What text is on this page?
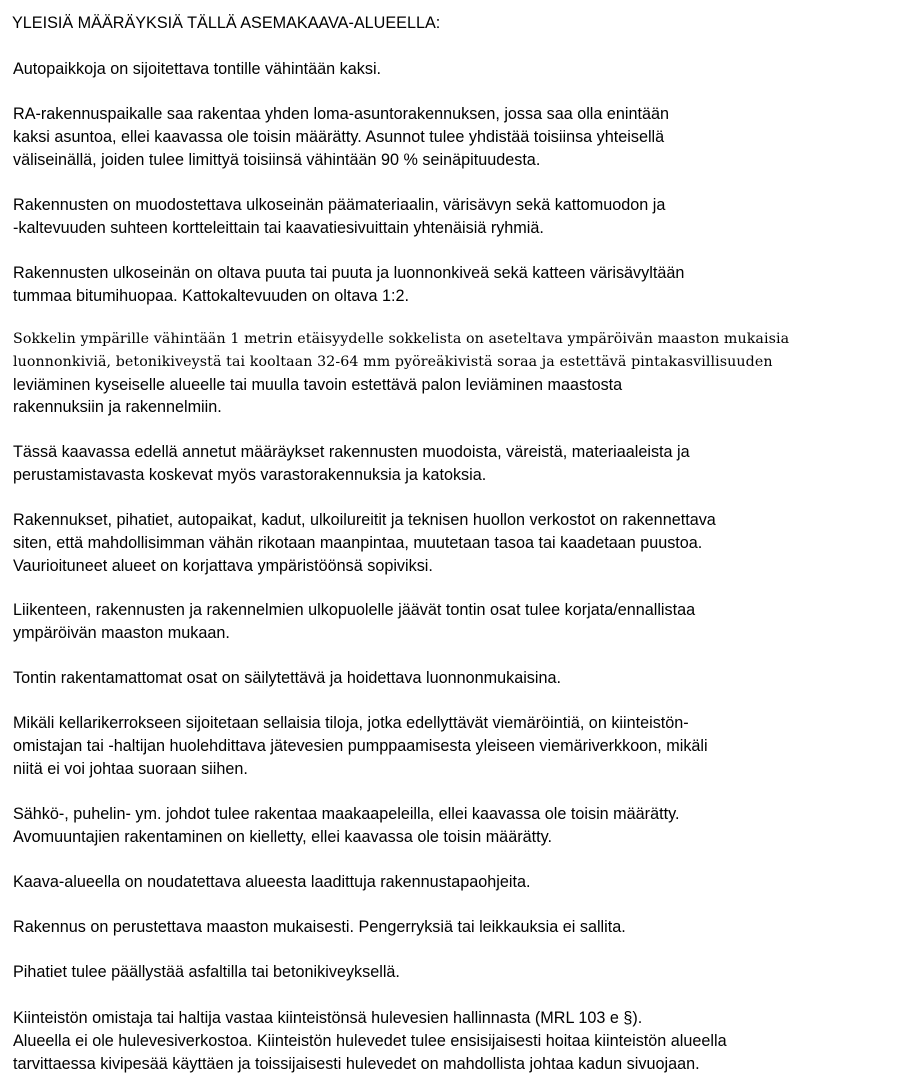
YLEISIÄ MÄÄRÄYKSIÄ TÄLLÄ ASEMAKAAVA-ALUEELLA:
Autopaikkoja on sijoitettava tontille vähintään kaksi.
RA-rakennuspaikalle saa rakentaa yhden loma-asuntorakennuksen, jossa saa olla enintään
kaksi asuntoa, ellei kaavassa ole toisin määrätty. Asunnot tulee yhdistää toisiinsa yhteisellä
väliseinällä, joiden tulee limittyä toisiinsä vähintään 90 % seinäpituudesta.
Rakennusten on muodostettava ulkoseinän päämateriaalin, värisävyn sekä kattomuodon ja
-kaltevuuden suhteen kortteleittain tai kaavatiesivuittain yhtenäisiä ryhmiä.
Rakennusten ulkoseinän on oltava puuta tai puuta ja luonnonkiveä sekä katteen värisävyltään
tummaa bitumihuopaa. Kattokaltevuuden on oltava 1:2.
Sokkelin ympärille vähintään 1 metrin etäisyydelle sokkelista on aseteltava ympäröivän maaston mukaisia
luonnonkiviä, betonikiveystä tai kooltaan 32-64 mm pyöreäkivistä soraa ja estettävä pintakasvillisuuden
leviäminen kyseiselle alueelle tai muulla tavoin estettävä palon leviäminen maastosta
rakennuksiin ja rakennelmiin.
Tässä kaavassa edellä annetut määräykset rakennusten muodoista, väreistä, materiaaleista ja
perustamistavasta koskevat myös varastorakennuksia ja katoksia.
Rakennukset, pihatiet, autopaikat, kadut, ulkoilureitit ja teknisen huollon verkostot on rakennettava
siten, että mahdollisimman vähän rikotaan maanpintaa, muutetaan tasoa tai kaadetaan puustoa.
Vaurioituneet alueet on korjattava ympäristöönsä sopiviksi.
Liikenteen, rakennusten ja rakennelmien ulkopuolelle jäävät tontin osat tulee korjata/ennallistaa
ympäröivän maaston mukaan.
Tontin rakentamattomat osat on säilytettävä ja hoidettava luonnonmukaisina.
Mikäli kellarikerrokseen sijoitetaan sellaisia tiloja, jotka edellyttävät viemäröintiä, on kiinteistön-
omistajan tai -haltijan huolehdittava jätevesien pumppaamisesta yleiseen viemäriverkkoon, mikäli
niitä ei voi johtaa suoraan siihen.
Sähkö-, puhelin- ym. johdot tulee rakentaa maakaapeleilla, ellei kaavassa ole toisin määrätty.
Avomuuntajien rakentaminen on kielletty, ellei kaavassa ole toisin määrätty.
Kaava-alueella on noudatettava alueesta laadittuja rakennustapaohjeita.
Rakennus on perustettava maaston mukaisesti. Pengerryksiä tai leikkauksia ei sallita.
Pihatiet tulee päällystää asfaltilla tai betonikiveyksellä.
Kiinteistön omistaja tai haltija vastaa kiinteistönsä hulevesien hallinnasta (MRL 103 e §).
Alueella ei ole hulevesiverkostoa. Kiinteistön hulevedet tulee ensisijaisesti hoitaa kiinteistön alueella
tarvittaessa kivipesää käyttäen ja toissijaisesti hulevedet on mahdollista johtaa kadun sivuojaan.
